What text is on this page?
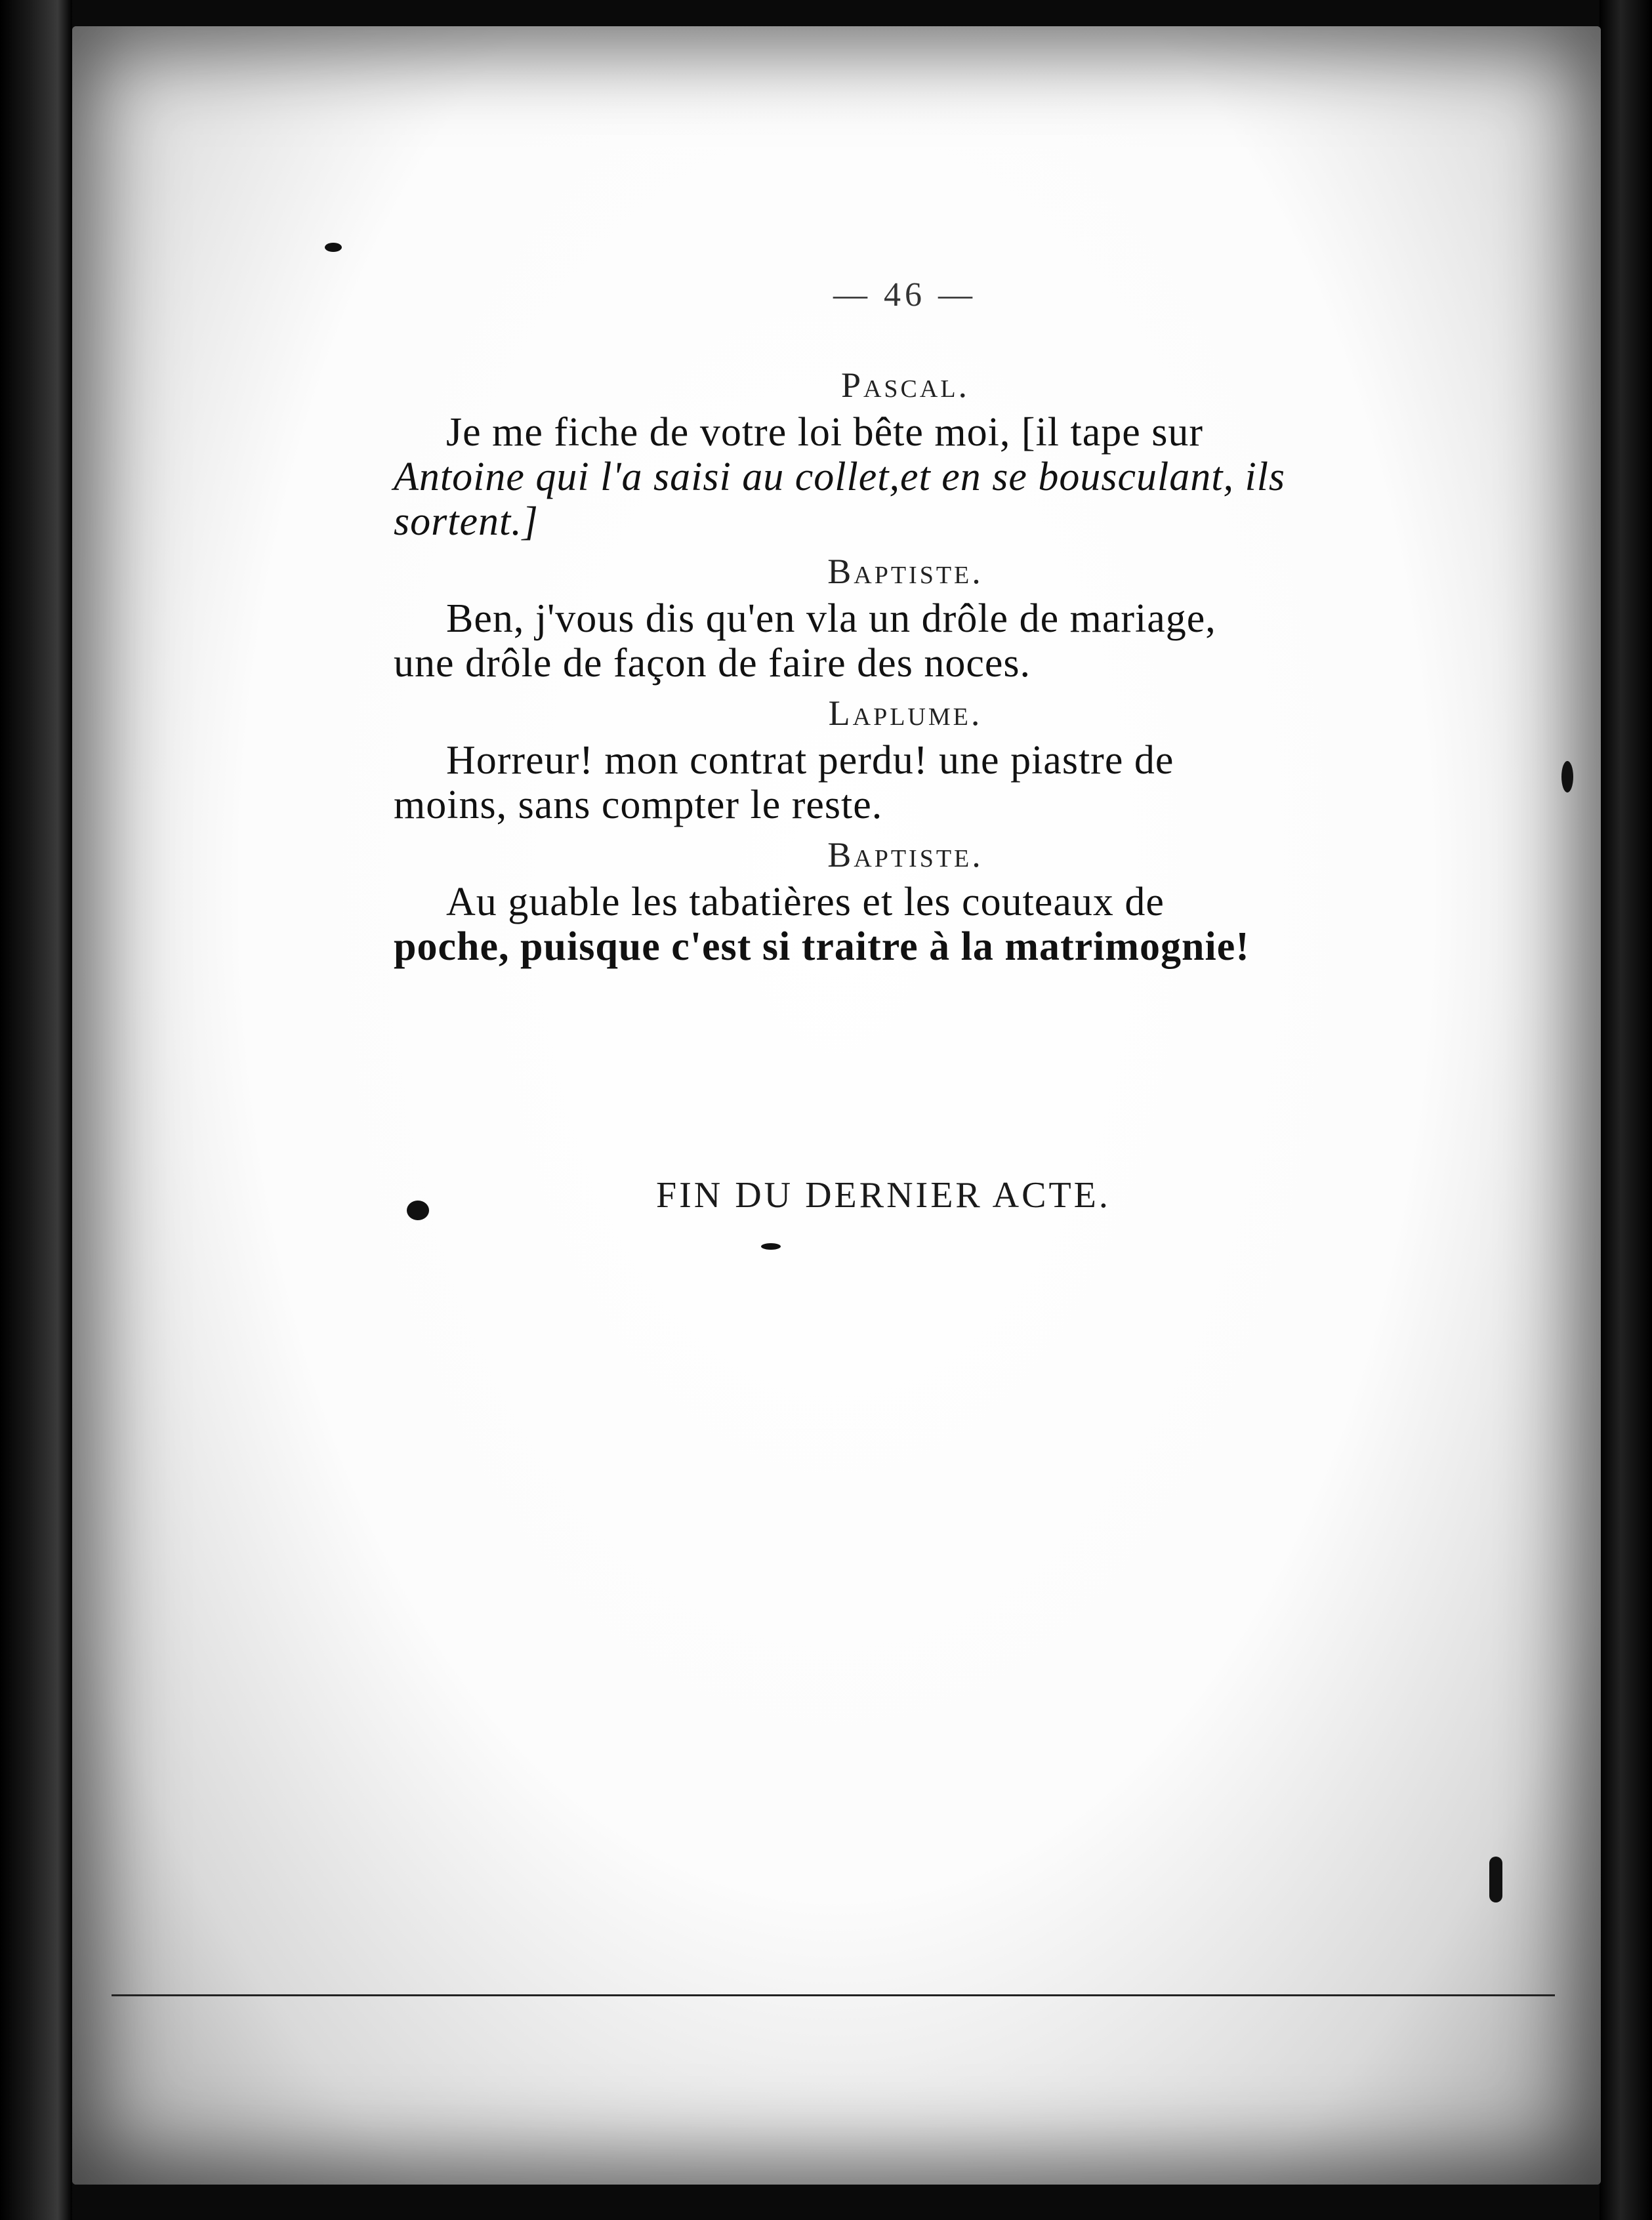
— 46 —

Pascal.

Je me fiche de votre loi bête moi, [il tape sur

Antoine qui l'a saisi au collet,et en se bousculant, ils

sortent.]

Baptiste.

Ben, j'vous dis qu'en vla un drôle de mariage,

une drôle de façon de faire des noces.

Laplume.

Horreur! mon contrat perdu! une piastre de

moins, sans compter le reste.

Baptiste.

Au guable les tabatières et les couteaux de

poche, puisque c'est si traitre à la matrimognie!

FIN DU DERNIER ACTE.
